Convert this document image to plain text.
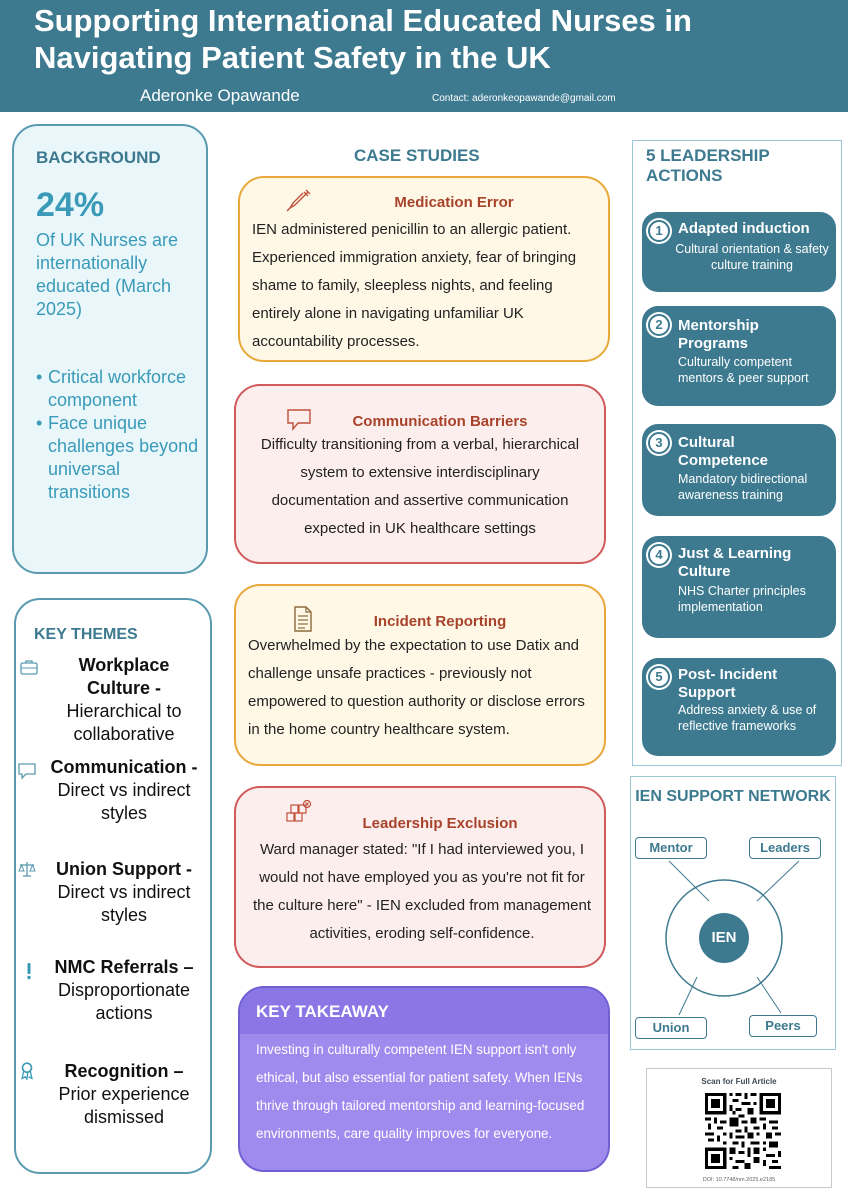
Supporting International Educated Nurses in Navigating Patient Safety in the UK
Aderonke Opawande	Contact: aderonkeopawande@gmail.com
BACKGROUND
24%
Of UK Nurses are internationally educated (March 2025)
• Critical workforce component
• Face unique challenges beyond universal transitions
KEY THEMES
Workplace Culture -
Hierarchical to collaborative
Communication -
Direct vs indirect styles
Union Support -
Direct vs indirect styles
NMC Referrals –
Disproportionate actions
Recognition –
Prior experience dismissed
CASE STUDIES
Medication Error
IEN administered penicillin to an allergic patient. Experienced immigration anxiety, fear of bringing shame to family, sleepless nights, and feeling entirely alone in navigating unfamiliar UK accountability processes.
Communication Barriers
Difficulty transitioning from a verbal, hierarchical system to extensive interdisciplinary documentation and assertive communication expected in UK healthcare settings
Incident Reporting
Overwhelmed by the expectation to use Datix and challenge unsafe practices - previously not empowered to question authority or disclose errors in the home country healthcare system.
Leadership Exclusion
Ward manager stated: "If I had interviewed you, I would not have employed you as you're not fit for the culture here" - IEN excluded from management activities, eroding self-confidence.
KEY TAKEAWAY
Investing in culturally competent IEN support isn't only ethical, but also essential for patient safety. When IENs thrive through tailored mentorship and learning-focused environments, care quality improves for everyone.
5 LEADERSHIP ACTIONS
1	Adapted induction
Cultural orientation & safety culture training
2	Mentorship Programs
Culturally competent mentors & peer support
3	Cultural Competence
Mandatory bidirectional awareness training
4	Just & Learning Culture
NHS Charter principles implementation
5	Post- Incident Support
Address anxiety & use of reflective frameworks
IEN SUPPORT NETWORK
IEN
Mentor	Leaders
Union	Peers
Scan for Full Article
DOI: 10.7748/nm.2025.e2185
